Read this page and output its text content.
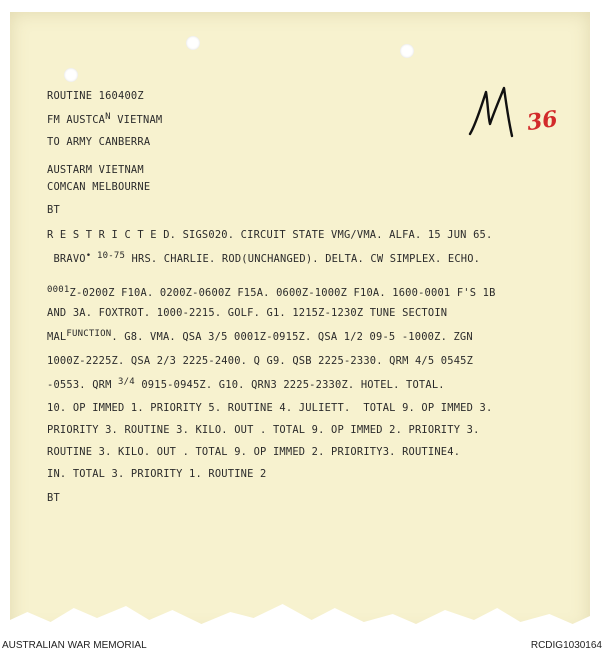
ROUTINE 160400Z
FM AUSTCAN VIETNAM
TO ARMY CANBERRA
AUSTARM VIETNAM
COMCAN MELBOURNE
BT
R E S T R I C T E D. SIGS020. CIRCUIT STATE VMG/VMA. ALFA. 15 JUN 65.
BRAVO• 10-75 HRS. CHARLIE. ROD(UNCHANGED). DELTA. CW SIMPLEX. ECHO.
0001Z-0200Z F10A. 0200Z-0600Z F15A. 0600Z-1000Z F10A. 1600-0001 F'S 1B
AND 3A. FOXTROT. 1000-2215. GOLF. G1. 1215Z-1230Z TUNE SECTOIN
MALFUNCTION. G8. VMA. QSA 3/5 0001Z-0915Z. QSA 1/2 09-5 -1000Z. ZGN
1000Z-2225Z. QSA 2/3 2225-2400. Q G9. QSB 2225-2330. QRM 4/5 0545Z
-0553. QRM 3/4 0915-0945Z. G10. QRN3 2225-2330Z. HOTEL. TOTAL.
10. OP IMMED 1. PRIORITY 5. ROUTINE 4. JULIETT.  TOTAL 9. OP IMMED 3.
PRIORITY 3. ROUTINE 3. KILO. OUT . TOTAL 9. OP IMMED 2. PRIORITY 3.
ROUTINE 3. KILO. OUT . TOTAL 9. OP IMMED 2. PRIORITY3. ROUTINE4.
IN. TOTAL 3. PRIORITY 1. ROUTINE 2
BT
36
AUSTRALIAN WAR MEMORIAL	RCDIG1030164
